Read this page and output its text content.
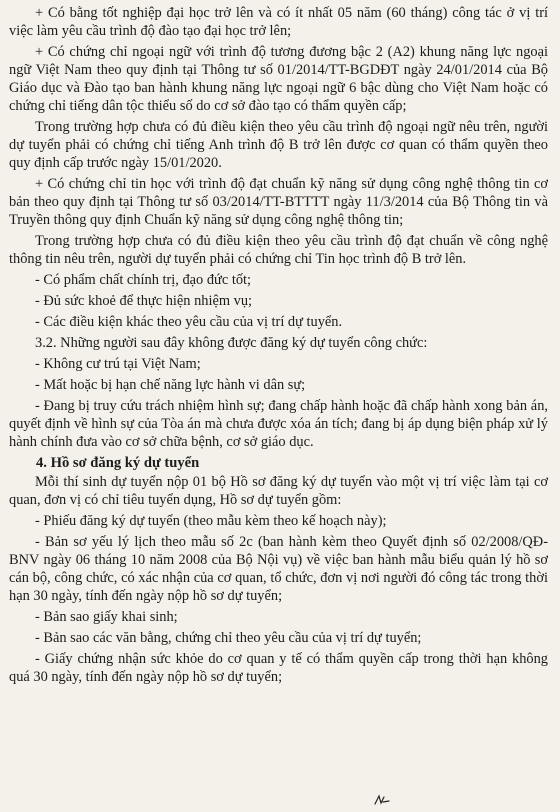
+ Có bằng tốt nghiệp đại học trở lên và có ít nhất 05 năm (60 tháng) công tác ở vị trí việc làm yêu cầu trình độ đào tạo đại học trở lên;

+ Có chứng chỉ ngoại ngữ với trình độ tương đương bậc 2 (A2) khung năng lực ngoại ngữ Việt Nam theo quy định tại Thông tư số 01/2014/TT-BGDĐT ngày 24/01/2014 của Bộ Giáo dục và Đào tạo ban hành khung năng lực ngoại ngữ 6 bậc dùng cho Việt Nam hoặc có chứng chỉ tiếng dân tộc thiểu số do cơ sở đào tạo có thẩm quyền cấp;

Trong trường hợp chưa có đủ điều kiện theo yêu cầu trình độ ngoại ngữ nêu trên, người dự tuyển phải có chứng chỉ tiếng Anh trình độ B trở lên được cơ quan có thẩm quyền theo quy định cấp trước ngày 15/01/2020.

+ Có chứng chỉ tin học với trình độ đạt chuẩn kỹ năng sử dụng công nghệ thông tin cơ bản theo quy định tại Thông tư số 03/2014/TT-BTTTT ngày 11/3/2014 của Bộ Thông tin và Truyền thông quy định Chuẩn kỹ năng sử dụng công nghệ thông tin;

Trong trường hợp chưa có đủ điều kiện theo yêu cầu trình độ đạt chuẩn về công nghệ thông tin nêu trên, người dự tuyển phải có chứng chỉ Tin học trình độ B trở lên.

- Có phẩm chất chính trị, đạo đức tốt;

- Đủ sức khoẻ để thực hiện nhiệm vụ;

- Các điều kiện khác theo yêu cầu của vị trí dự tuyển.

3.2. Những người sau đây không được đăng ký dự tuyển công chức:

- Không cư trú tại Việt Nam;

- Mất hoặc bị hạn chế năng lực hành vi dân sự;

- Đang bị truy cứu trách nhiệm hình sự; đang chấp hành hoặc đã chấp hành xong bản án, quyết định về hình sự của Tòa án mà chưa được xóa án tích; đang bị áp dụng biện pháp xử lý hành chính đưa vào cơ sở chữa bệnh, cơ sở giáo dục.

4. Hồ sơ đăng ký dự tuyển

Mỗi thí sinh dự tuyển nộp 01 bộ Hồ sơ đăng ký dự tuyển vào một vị trí việc làm tại cơ quan, đơn vị có chỉ tiêu tuyển dụng, Hồ sơ dự tuyển gồm:

- Phiếu đăng ký dự tuyển (theo mẫu kèm theo kế hoạch này);

- Bản sơ yếu lý lịch theo mẫu số 2c (ban hành kèm theo Quyết định số 02/2008/QĐ-BNV ngày 06 tháng 10 năm 2008 của Bộ Nội vụ) về việc ban hành mẫu biểu quản lý hồ sơ cán bộ, công chức, có xác nhận của cơ quan, tổ chức, đơn vị nơi người đó công tác trong thời hạn 30 ngày, tính đến ngày nộp hồ sơ dự tuyển;

- Bản sao giấy khai sinh;

- Bản sao các văn bằng, chứng chỉ theo yêu cầu của vị trí dự tuyển;

- Giấy chứng nhận sức khỏe do cơ quan y tế có thẩm quyền cấp trong thời hạn không quá 30 ngày, tính đến ngày nộp hồ sơ dự tuyển;
